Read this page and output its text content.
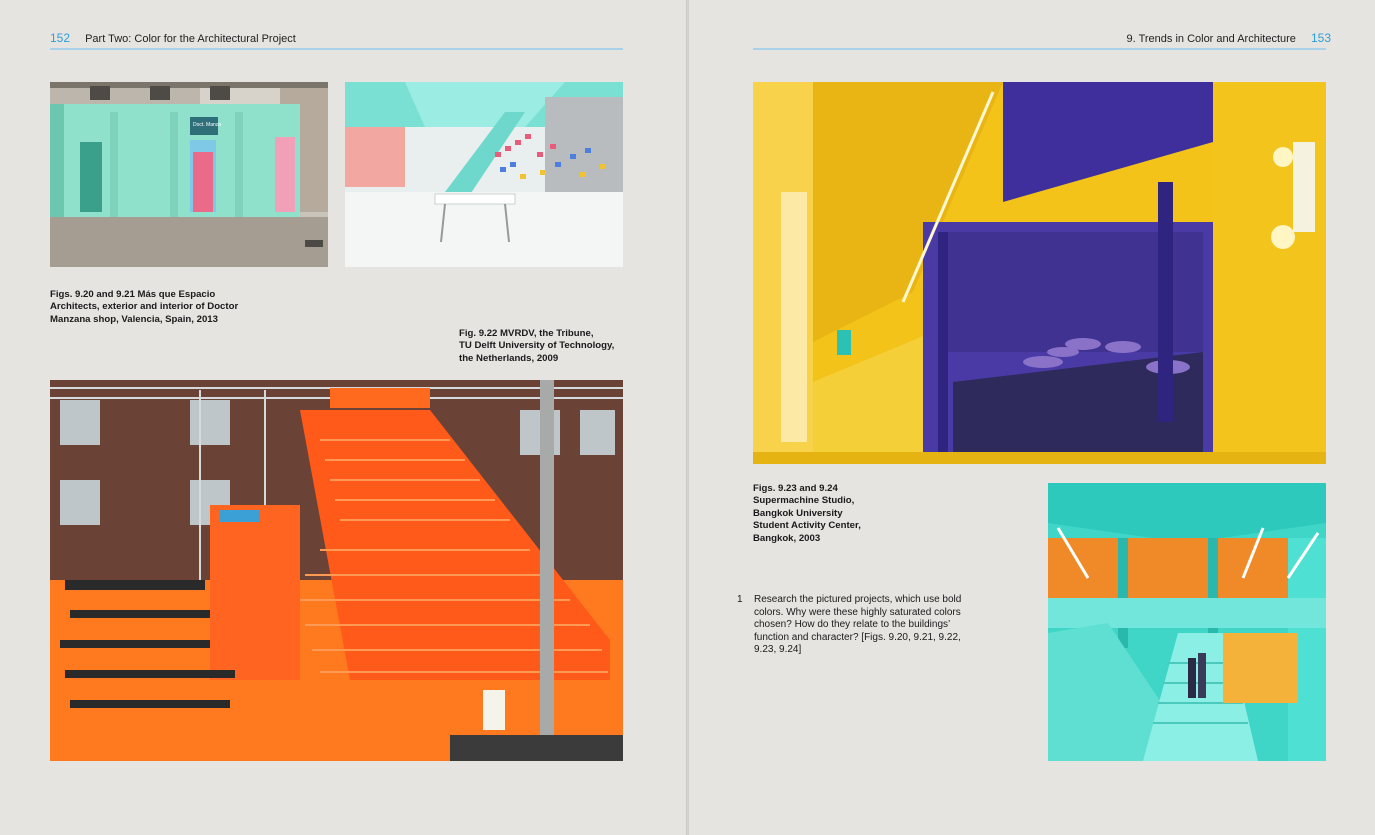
152 Part Two: Color for the Architectural Project
Doct. Manza
Figs. 9.20 and 9.21 Más que Espacio
Architects, exterior and interior of Doctor
Manzana shop, Valencia, Spain, 2013
Fig. 9.22 MVRDV, the Tribune,
TU Delft University of Technology,
the Netherlands, 2009
9. Trends in Color and Architecture 153
Figs. 9.23 and 9.24
Supermachine Studio,
Bangkok University
Student Activity Center,
Bangkok, 2003
1 Research the pictured projects, which use bold
colors. Why were these highly saturated colors
chosen? How do they relate to the buildings’
function and character? [Figs. 9.20, 9.21, 9.22,
9.23, 9.24]
